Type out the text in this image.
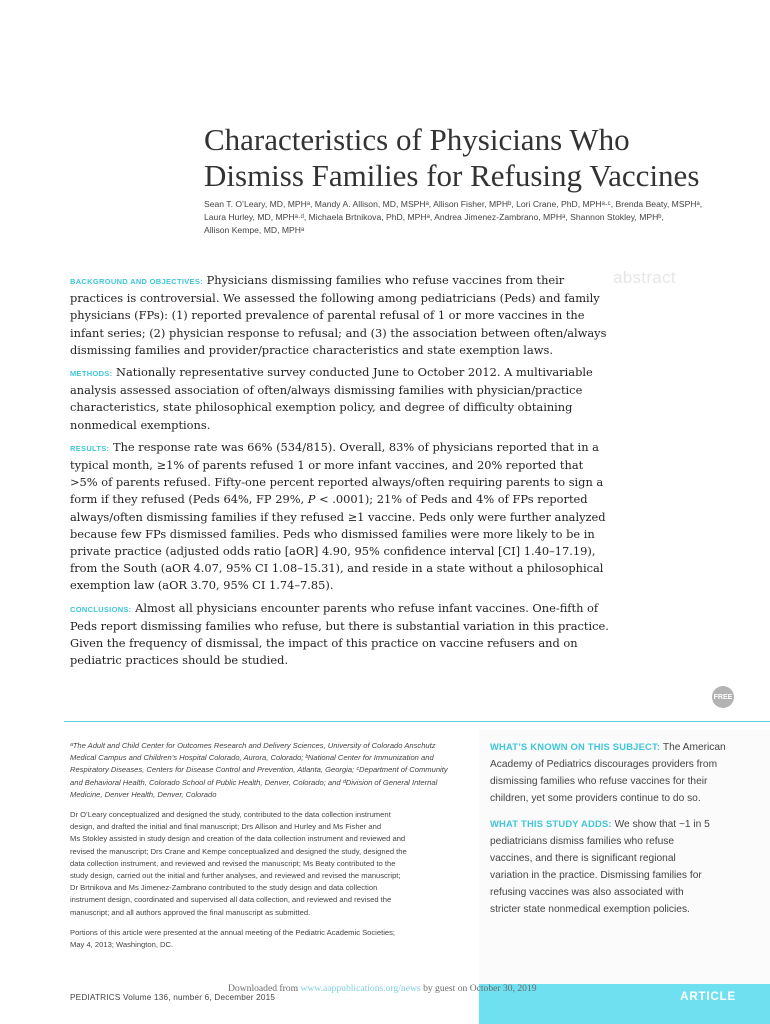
Characteristics of Physicians Who
Dismiss Families for Refusing Vaccines
Sean T. O’Leary, MD, MPHᵃ, Mandy A. Allison, MD, MSPHᵃ, Allison Fisher, MPHᵇ, Lori Crane, PhD, MPHᵃ·ᶜ, Brenda Beaty, MSPHᵃ,
Laura Hurley, MD, MPHᵃ·ᵈ, Michaela Brtnikova, PhD, MPHᵃ, Andrea Jimenez-Zambrano, MPHᵃ, Shannon Stokley, MPHᵇ,
Allison Kempe, MD, MPHᵃ
abstract

BACKGROUND AND OBJECTIVES: Physicians dismissing families who refuse vaccines from their
practices is controversial. We assessed the following among pediatricians (Peds) and family
physicians (FPs): (1) reported prevalence of parental refusal of 1 or more vaccines in the
infant series; (2) physician response to refusal; and (3) the association between often/always
dismissing families and provider/practice characteristics and state exemption laws.

METHODS: Nationally representative survey conducted June to October 2012. A multivariable
analysis assessed association of often/always dismissing families with physician/practice
characteristics, state philosophical exemption policy, and degree of difficulty obtaining
nonmedical exemptions.

RESULTS: The response rate was 66% (534/815). Overall, 83% of physicians reported that in a
typical month, ≥1% of parents refused 1 or more infant vaccines, and 20% reported that
>5% of parents refused. Fifty-one percent reported always/often requiring parents to sign a
form if they refused (Peds 64%, FP 29%, P < .0001); 21% of Peds and 4% of FPs reported
always/often dismissing families if they refused ≥1 vaccine. Peds only were further analyzed
because few FPs dismissed families. Peds who dismissed families were more likely to be in
private practice (adjusted odds ratio [aOR] 4.90, 95% confidence interval [CI] 1.40–17.19),
from the South (aOR 4.07, 95% CI 1.08–15.31), and reside in a state without a philosophical
exemption law (aOR 3.70, 95% CI 1.74–7.85).

CONCLUSIONS: Almost all physicians encounter parents who refuse infant vaccines. One-fifth of
Peds report dismissing families who refuse, but there is substantial variation in this practice.
Given the frequency of dismissal, the impact of this practice on vaccine refusers and on
pediatric practices should be studied.

FREE
ᵃThe Adult and Child Center for Outcomes Research and Delivery Sciences, University of Colorado Anschutz
Medical Campus and Children’s Hospital Colorado, Aurora, Colorado; ᵇNational Center for Immunization and
Respiratory Diseases, Centers for Disease Control and Prevention, Atlanta, Georgia; ᶜDepartment of Community
and Behavioral Health, Colorado School of Public Health, Denver, Colorado; and ᵈDivision of General Internal
Medicine, Denver Health, Denver, Colorado
Dr O’Leary conceptualized and designed the study, contributed to the data collection instrument
design, and drafted the initial and final manuscript; Drs Allison and Hurley and Ms Fisher and
Ms Stokley assisted in study design and creation of the data collection instrument and reviewed and
revised the manuscript; Drs Crane and Kempe conceptualized and designed the study, designed the
data collection instrument, and reviewed and revised the manuscript; Ms Beaty contributed to the
study design, carried out the initial and further analyses, and reviewed and revised the manuscript;
Dr Brtnikova and Ms Jimenez-Zambrano contributed to the study design and data collection
instrument design, coordinated and supervised all data collection, and reviewed and revised the
manuscript; and all authors approved the final manuscript as submitted.
Portions of this article were presented at the annual meeting of the Pediatric Academic Societies;
May 4, 2013; Washington, DC.
WHAT’S KNOWN ON THIS SUBJECT: The American
Academy of Pediatrics discourages providers from
dismissing families who refuse vaccines for their
children, yet some providers continue to do so.
WHAT THIS STUDY ADDS: We show that ~1 in 5
pediatricians dismiss families who refuse
vaccines, and there is significant regional
variation in the practice. Dismissing families for
refusing vaccines was also associated with
stricter state nonmedical exemption policies.
ARTICLE
Downloaded from www.aappublications.org/news by guest on October 30, 2019
PEDIATRICS Volume 136, number 6, December 2015
